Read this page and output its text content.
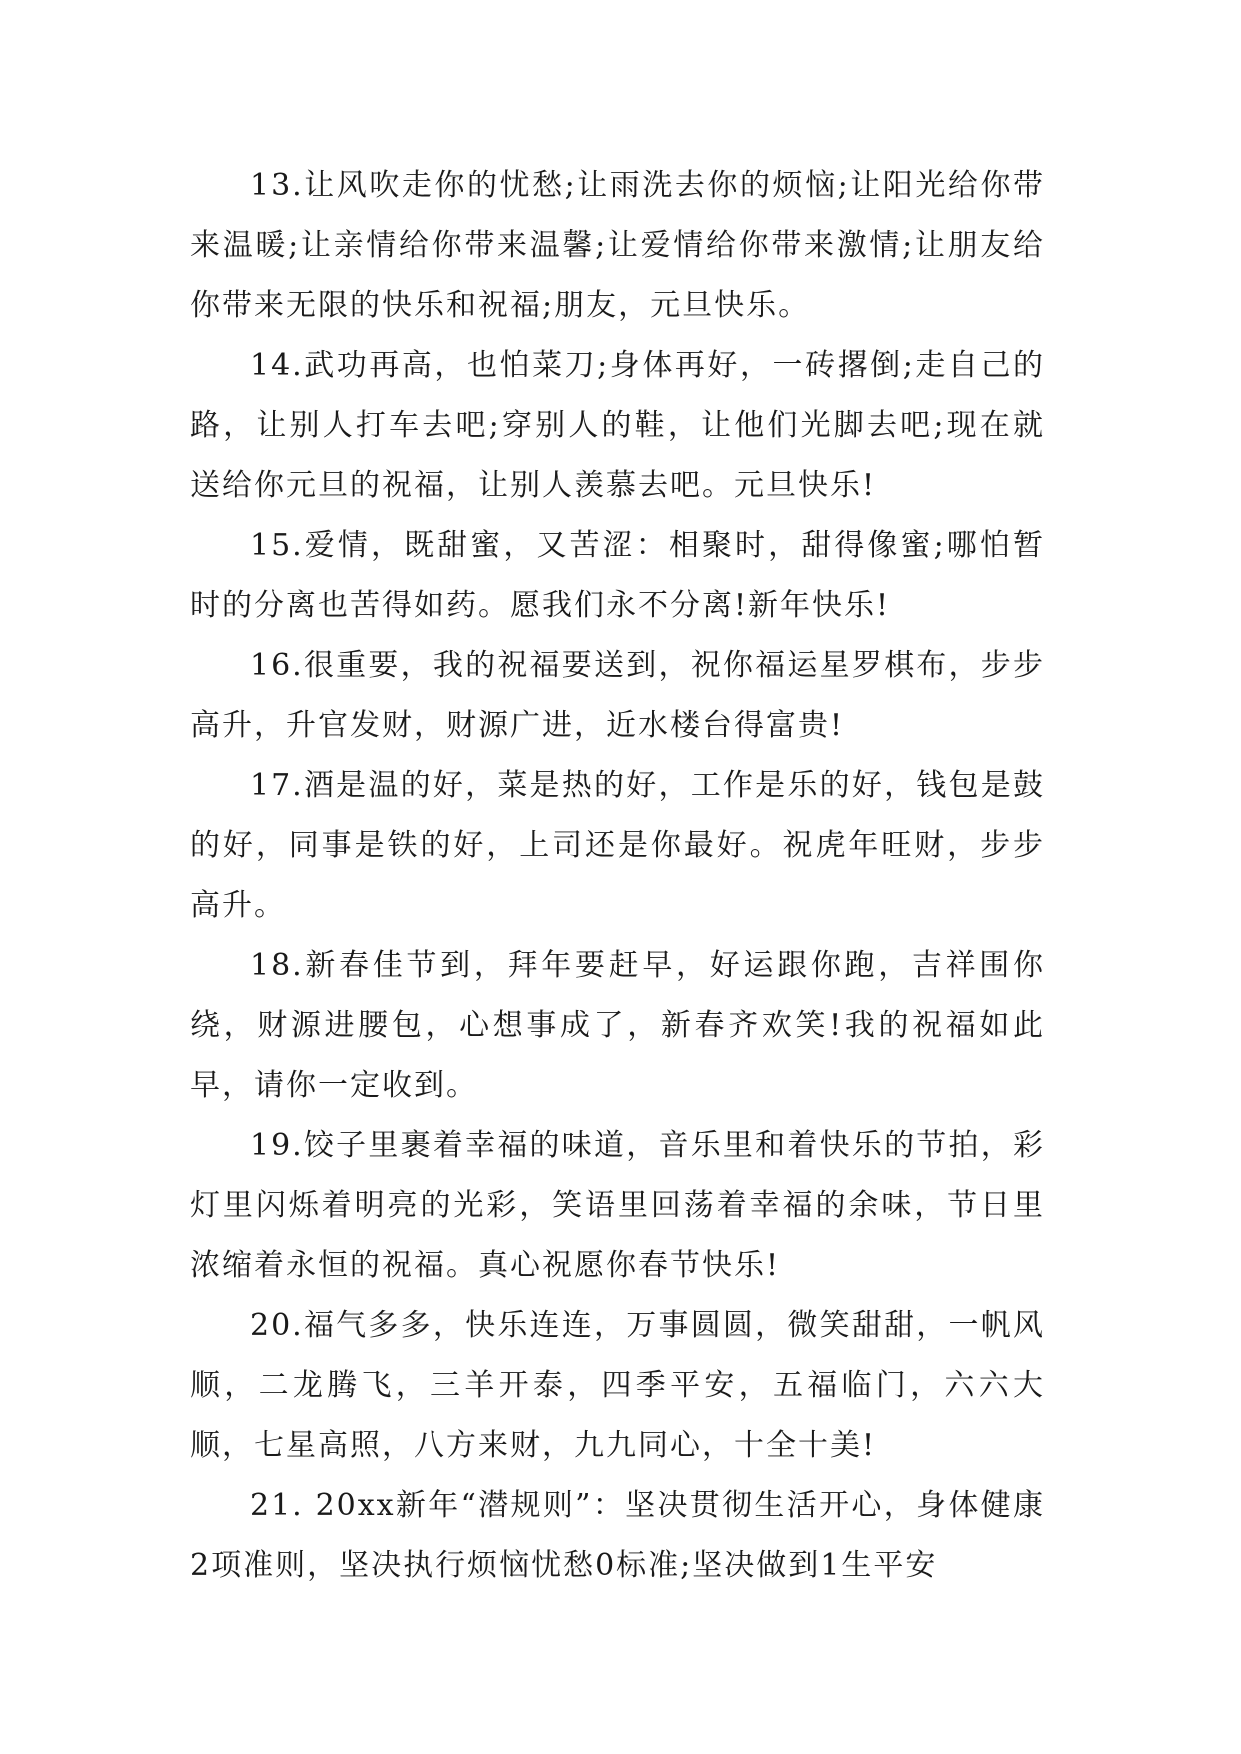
13.让风吹走你的忧愁;让雨洗去你的烦恼;让阳光给你带来温暖;让亲情给你带来温馨;让爱情给你带来激情;让朋友给你带来无限的快乐和祝福;朋友，元旦快乐。

14.武功再高，也怕菜刀;身体再好，一砖撂倒;走自己的路，让别人打车去吧;穿别人的鞋，让他们光脚去吧;现在就送给你元旦的祝福，让别人羡慕去吧。元旦快乐!

15.爱情，既甜蜜，又苦涩：相聚时，甜得像蜜;哪怕暂时的分离也苦得如药。愿我们永不分离!新年快乐!

16.很重要，我的祝福要送到，祝你福运星罗棋布，步步高升，升官发财，财源广进，近水楼台得富贵!

17.酒是温的好，菜是热的好，工作是乐的好，钱包是鼓的好，同事是铁的好，上司还是你最好。祝虎年旺财，步步高升。

18.新春佳节到，拜年要赶早，好运跟你跑，吉祥围你绕，财源进腰包，心想事成了，新春齐欢笑!我的祝福如此早，请你一定收到。

19.饺子里裹着幸福的味道，音乐里和着快乐的节拍，彩灯里闪烁着明亮的光彩，笑语里回荡着幸福的余味，节日里浓缩着永恒的祝福。真心祝愿你春节快乐!

20.福气多多，快乐连连，万事圆圆，微笑甜甜，一帆风顺，二龙腾飞，三羊开泰，四季平安，五福临门，六六大顺，七星高照，八方来财，九九同心，十全十美!

21. 20xx新年“潜规则”：坚决贯彻生活开心，身体健康2项准则，坚决执行烦恼忧愁0标准;坚决做到1生平安
